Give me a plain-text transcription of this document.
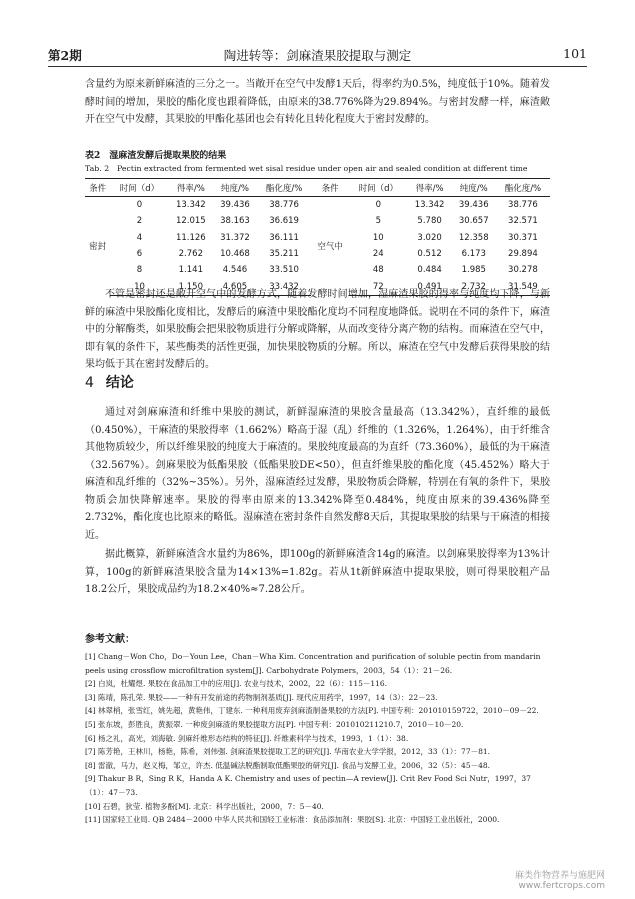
第2期	陶进转等：剑麻渣果胶提取与测定	101
含量约为原来新鲜麻渣的三分之一。当敞开在空气中发酵1天后，得率约为0.5%，纯度低于10%。随着发酵时间的增加，果胶的酯化度也跟着降低，由原来的38.776%降为29.894%。与密封发酵一样，麻渣敞开在空气中发酵，其果胶的甲酯化基团也会有转化且转化程度大于密封发酵的。
表2　湿麻渣发酵后提取果胶的结果
Tab. 2　Pectin extracted from fermented wet sisal residue under open air and sealed condition at different time
条件	时间（d）	得率/%	纯度/%	酯化度/%	条件	时间（d）	得率/%	纯度/%	酯化度/%
密封	0	13.342	39.436	38.776	空气中	0	13.342	39.436	38.776
	2	12.015	38.163	36.619		5	5.780	30.657	32.571
	4	11.126	31.372	36.111		10	3.020	12.358	30.371
	6	2.762	10.468	35.211		24	0.512	6.173	29.894
	8	1.141	4.546	33.510		48	0.484	1.985	30.278
	10	1.150	4.605	33.432		72	0.491	2.732	31.549
不管是密封还是敞开空气中的发酵方式，随着发酵时间增加，湿麻渣果胶的得率与纯度均下降，与新鲜的麻渣中果胶酯化度相比，发酵后的麻渣中果胶酯化度均不同程度地降低。说明在不同的条件下，麻渣中的分解酶类，如果胶酶会把果胶物质进行分解或降解，从而改变待分离产物的结构。而麻渣在空气中，即有氧的条件下，某些酶类的活性更强，加快果胶物质的分解。所以，麻渣在空气中发酵后获得果胶的结果均低于其在密封发酵后的。
4 结论
通过对剑麻麻渣和纤维中果胶的测试，新鲜湿麻渣的果胶含量最高（13.342%），直纤维的最低（0.450%），干麻渣的果胶得率（1.662%）略高于湿（乱）纤维的（1.326%，1.264%），由于纤维含其他物质较少，所以纤维果胶的纯度大于麻渣的。果胶纯度最高的为直纤（73.360%），最低的为干麻渣（32.567%）。剑麻果胶为低酯果胶（低酯果胶DE<50），但直纤维果胶的酯化度（45.452%）略大于麻渣和乱纤维的（32%~35%）。另外，湿麻渣经过发酵，果胶物质会降解，特别在有氧的条件下，果胶物质会加快降解速率。果胶的得率由原来的13.342%降至0.484%，纯度由原来的39.436%降至2.732%，酯化度也比原来的略低。湿麻渣在密封条件自然发酵8天后，其提取果胶的结果与干麻渣的相接近。
据此概算，新鲜麻渣含水量约为86%，即100g的新鲜麻渣含14g的麻渣。以剑麻果胶得率为13%计算，100g的新鲜麻渣果胶含量为14×13%=1.82g。若从1t新鲜麻渣中提取果胶，则可得果胶粗产品18.2公斤，果胶成品约为18.2×40%≈7.28公斤。
参考文献：

[1] Chang－Won Cho，Do－Youn Lee，Chan－Wha Kim. Concentration and purification of soluble pectin from mandarin peels using crossflow microfiltration system[J]. Carbohydrate Polymers，2003，54（1）：21－26.

[2] 白岚，杜耀煜. 果胶在食品加工中的应用[J]. 农业与技术，2002，22（6）：115－116.

[3] 陈靖，陈孔荣. 果胶——一种有开发前途的药物制剂基质[J]. 现代应用药学，1997，14（3）：22－23.

[4] 林翠梢，张雪红，姚先超，黄艳伟，丁建东. 一种利用废弃剑麻渣制备果胶的方法[P]. 中国专利：201010159722，2010－09－22.

[5] 张东坡，彭胜良，黄振翠. 一种废剑麻渣的果胶提取方法[P]. 中国专利：201010211210.7，2010－10－20.

[6] 杨之礼，高光，刘海敏. 剑麻纤维形态结构的特征[J]. 纤维素科学与技术，1993，1（1）：38.

[7] 陈芳艳，王林川，杨艳，陈希，刘伟强. 剑麻渣果胶提取工艺的研究[J]. 华南农业大学学报，2012，33（1）：77－81.

[8] 雷澈，马力，赵义梅，邹立，许杰. 低温碱法脱酯制取低酯果胶的研究[J]. 食品与发酵工业，2006，32（5）：45－48.

[9] Thakur B R，Sing R K，Handa A K. Chemistry and uses of pectin—A review[J]. Crit Rev Food Sci Nutr，1997，37（1）：47－73.

[10] 石碧，狄莹. 植物多酚[M]. 北京：科学出版社，2000，7：5－40.

[11] 国家轻工业局. QB 2484－2000 中华人民共和国轻工业标准：食品添加剂：果胶[S]. 北京：中国轻工业出版社，2000.

麻类作物营养与施肥网
www.fertcrops.com
